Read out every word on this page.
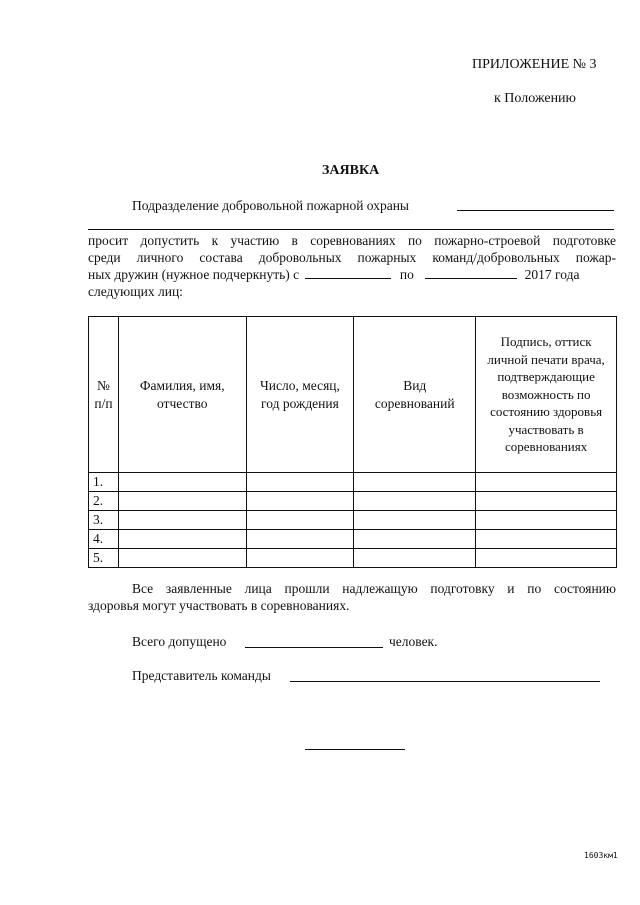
ПРИЛОЖЕНИЕ № 3
к Положению
ЗАЯВКА
Подразделение добровольной пожарной охраны
просит допустить к участию в соревнованиях по пожарно-строевой подготовке
среди личного состава добровольных пожарных команд/добровольных пожар-
ных дружин (нужное подчеркнуть) с	по	2017 года
следующих лиц:
№ п/п	Фамилия, имя, отчество	Число, месяц, год рождения	Вид соревнований	Подпись, оттиск личной печати врача, подтверждающие возможность по состоянию здоровья участвовать в соревнованиях
1.				
2.				
3.				
4.				
5.				
Все заявленные лица прошли надлежащую подготовку и по состоянию
здоровья могут участвовать в соревнованиях.
Всего допущено	человек.
Представитель команды
1603км1
